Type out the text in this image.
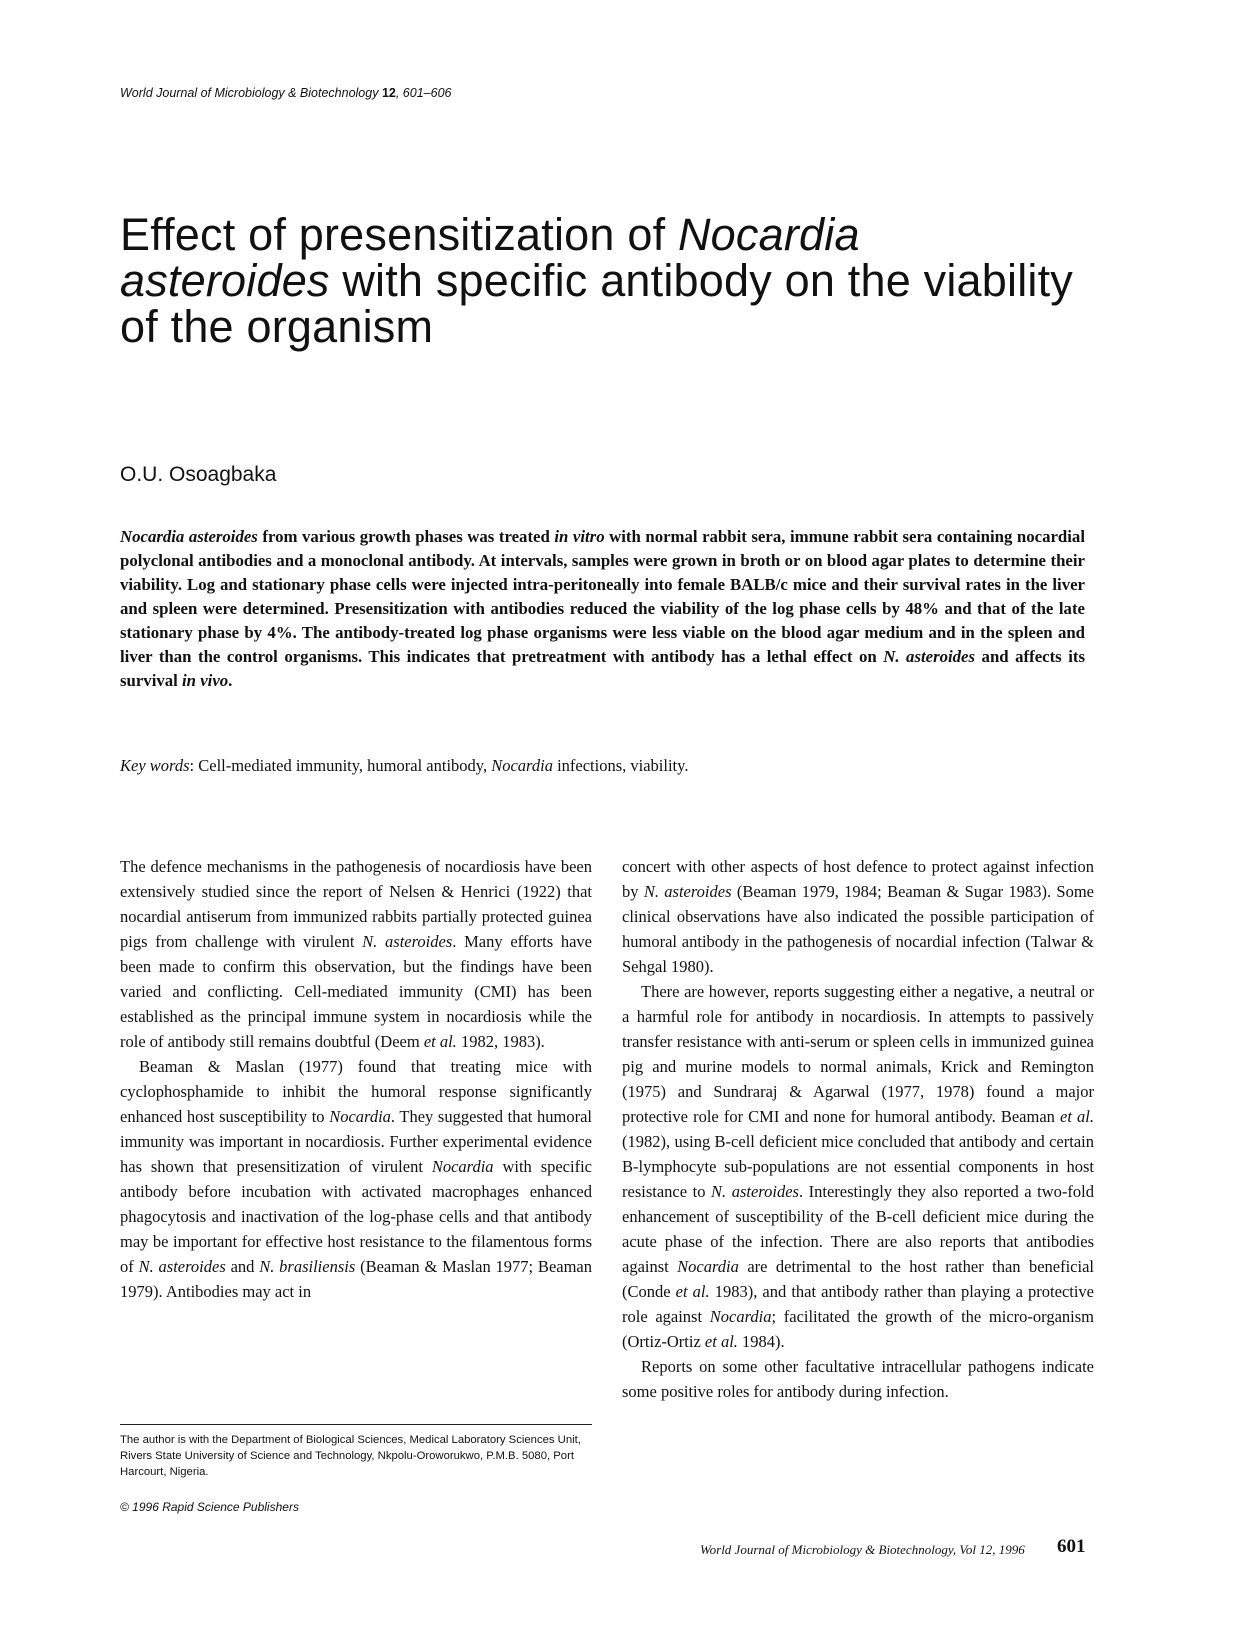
World Journal of Microbiology & Biotechnology 12, 601–606
Effect of presensitization of Nocardia
asteroides with specific antibody on the viability of the organism
O.U. Osoagbaka

Nocardia asteroides from various growth phases was treated in vitro with normal rabbit sera, immune rabbit sera containing nocardial polyclonal antibodies and a monoclonal antibody. At intervals, samples were grown in broth or on blood agar plates to determine their viability. Log and stationary phase cells were injected intra-peritoneally into female BALB/c mice and their survival rates in the liver and spleen were determined. Presensitization with antibodies reduced the viability of the log phase cells by 48% and that of the late stationary phase by 4%. The antibody-treated log phase organisms were less viable on the blood agar medium and in the spleen and liver than the control organisms. This indicates that pretreatment with antibody has a lethal effect on N. asteroides and affects its survival in vivo.

Key words: Cell-mediated immunity, humoral antibody, Nocardia infections, viability.

The defence mechanisms in the pathogenesis of nocardiosis have been extensively studied since the report of Nelsen & Henrici (1922) that nocardial antiserum from immunized rabbits partially protected guinea pigs from challenge with virulent N. asteroides. Many efforts have been made to confirm this observation, but the findings have been varied and conflicting. Cell-mediated immunity (CMI) has been established as the principal immune system in nocardiosis while the role of antibody still remains doubtful (Deem et al. 1982, 1983).

Beaman & Maslan (1977) found that treating mice with cyclophosphamide to inhibit the humoral response significantly enhanced host susceptibility to Nocardia. They suggested that humoral immunity was important in nocardiosis. Further experimental evidence has shown that presensitization of virulent Nocardia with specific antibody before incubation with activated macrophages enhanced phagocytosis and inactivation of the log-phase cells and that antibody may be important for effective host resistance to the filamentous forms of N. asteroides and N. brasiliensis (Beaman & Maslan 1977; Beaman 1979). Antibodies may act in

concert with other aspects of host defence to protect against infection by N. asteroides (Beaman 1979, 1984; Beaman & Sugar 1983). Some clinical observations have also indicated the possible participation of humoral antibody in the pathogenesis of nocardial infection (Talwar & Sehgal 1980).

There are however, reports suggesting either a negative, a neutral or a harmful role for antibody in nocardiosis. In attempts to passively transfer resistance with anti-serum or spleen cells in immunized guinea pig and murine models to normal animals, Krick and Remington (1975) and Sundraraj & Agarwal (1977, 1978) found a major protective role for CMI and none for humoral antibody. Beaman et al. (1982), using B-cell deficient mice concluded that antibody and certain B-lymphocyte sub-populations are not essential components in host resistance to N. asteroides. Interestingly they also reported a two-fold enhancement of susceptibility of the B-cell deficient mice during the acute phase of the infection. There are also reports that antibodies against Nocardia are detrimental to the host rather than beneficial (Conde et al. 1983), and that antibody rather than playing a protective role against Nocardia; facilitated the growth of the micro-organism (Ortiz-Ortiz et al. 1984).

Reports on some other facultative intracellular pathogens indicate some positive roles for antibody during infection.

The author is with the Department of Biological Sciences, Medical Laboratory Sciences Unit, Rivers State University of Science and Technology, Nkpolu-Oroworukwo, P.M.B. 5080, Port Harcourt, Nigeria.
© 1996 Rapid Science Publishers
World Journal of Microbiology & Biotechnology, Vol 12, 1996 601
